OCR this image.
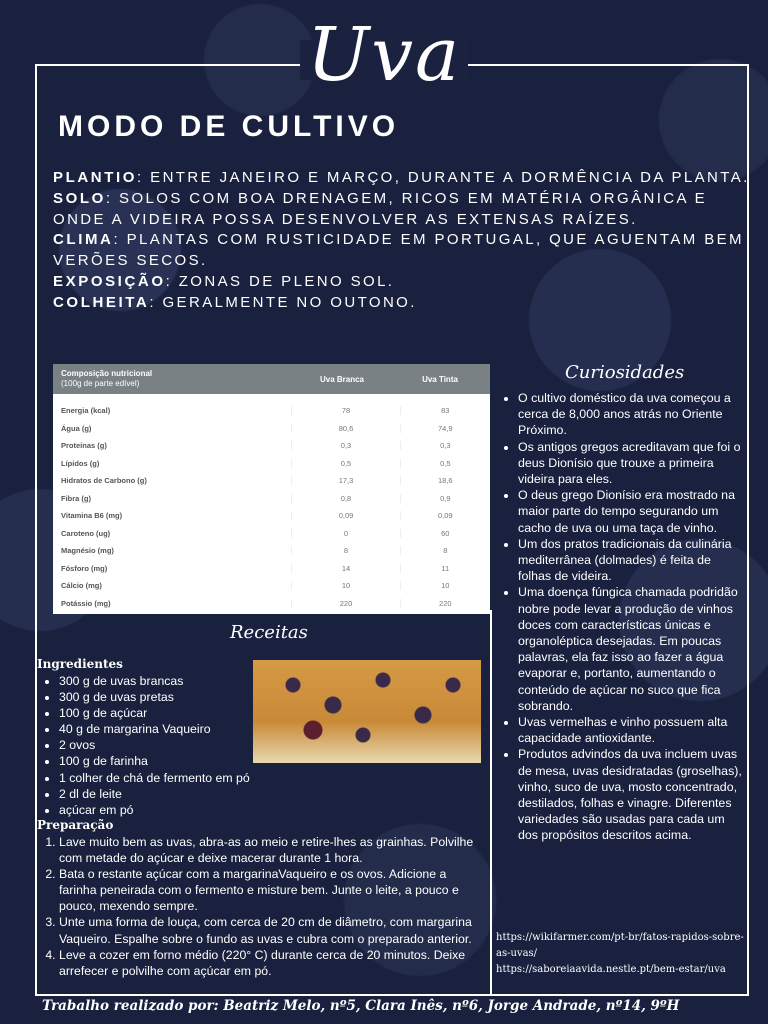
Uva
MODO DE CULTIVO
PLANTIO: ENTRE JANEIRO E MARÇO, DURANTE A DORMÊNCIA DA PLANTA.
SOLO: SOLOS COM BOA DRENAGEM, RICOS EM MATÉRIA ORGÂNICA E ONDE A VIDEIRA POSSA DESENVOLVER AS EXTENSAS RAÍZES.
CLIMA: PLANTAS COM RUSTICIDADE EM PORTUGAL, QUE AGUENTAM BEM VERÕES SECOS.
EXPOSIÇÃO: ZONAS DE PLENO SOL.
COLHEITA: GERALMENTE NO OUTONO.
Composição nutricional
(100g de parte edível)	Uva Branca	Uva Tinta
Energia (kcal)	78	83
Água (g)	80,6	74,9
Proteínas (g)	0,3	0,3
Lípidos (g)	0,5	0,5
Hidratos de Carbono (g)	17,3	18,6
Fibra (g)	0,8	0,9
Vitamina B6 (mg)	0,09	0,09
Caroteno (ug)	0	60
Magnésio (mg)	8	8
Fósforo (mg)	14	11
Cálcio (mg)	10	10
Potássio (mg)	220	220
Curiosidades
• O cultivo doméstico da uva começou a cerca de 8,000 anos atrás no Oriente Próximo.
• Os antigos gregos acreditavam que foi o deus Dionísio que trouxe a primeira videira para eles.
• O deus grego Dionísio era mostrado na maior parte do tempo segurando um cacho de uva ou uma taça de vinho.
• Um dos pratos tradicionais da culinária mediterrânea (dolmades) é feita de folhas de videira.
• Uma doença fúngica chamada podridão nobre pode levar a produção de vinhos doces com características únicas e organoléptica desejadas. Em poucas palavras, ela faz isso ao fazer a água evaporar e, portanto, aumentando o conteúdo de açúcar no suco que fica sobrando.
• Uvas vermelhas e vinho possuem alta capacidade antioxidante.
• Produtos advindos da uva incluem uvas de mesa, uvas desidratadas (groselhas), vinho, suco de uva, mosto concentrado, destilados, folhas e vinagre. Diferentes variedades são usadas para cada um dos propósitos descritos acima.
https://wikifarmer.com/pt-br/fatos-rapidos-sobre-as-uvas/
https://saboreiaavida.nestle.pt/bem-estar/uva
Receitas
Ingredientes
• 300 g de uvas brancas
• 300 g de uvas pretas
• 100 g de açúcar
• 40 g de margarina Vaqueiro
• 2 ovos
• 100 g de farinha
• 1 colher de chá de fermento em pó
• 2 dl de leite
• açúcar em pó
Preparação
1. Lave muito bem as uvas, abra-as ao meio e retire-lhes as grainhas. Polvilhe com metade do açúcar e deixe macerar durante 1 hora.
2. Bata o restante açúcar com a margarinaVaqueiro e os ovos. Adicione a farinha peneirada com o fermento e misture bem. Junte o leite, a pouco e pouco, mexendo sempre.
3. Unte uma forma de louça, com cerca de 20 cm de diâmetro, com margarina Vaqueiro. Espalhe sobre o fundo as uvas e cubra com o preparado anterior.
4. Leve a cozer em forno médio (220° C) durante cerca de 20 minutos. Deixe arrefecer e polvilhe com açúcar em pó.
Trabalho realizado por: Beatriz Melo, nº5, Clara Inês, nº6, Jorge Andrade, nº14, 9ºH
